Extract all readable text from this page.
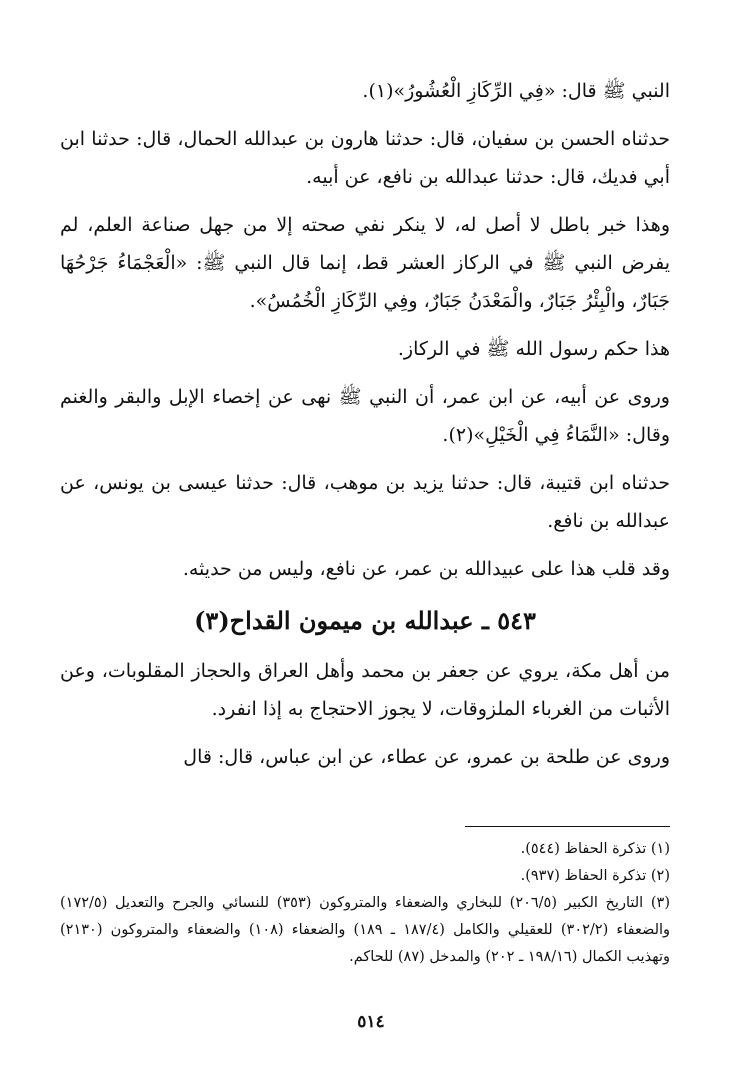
النبي ﷺ قال: «فِي الرِّكَازِ الْعُشُورُ»(١).

حدثناه الحسن بن سفيان، قال: حدثنا هارون بن عبدالله الحمال، قال: حدثنا ابن أبي فديك، قال: حدثنا عبدالله بن نافع، عن أبيه.

وهذا خبر باطل لا أصل له، لا ينكر نفي صحته إلا من جهل صناعة العلم، لم يفرض النبي ﷺ في الركاز العشر قط، إنما قال النبي ﷺ: «الْعَجْمَاءُ جَرْحُهَا جَبَارٌ، والْبِئْرُ جَبَارٌ، والْمَعْدَنُ جَبَارٌ، وفِي الرِّكَازِ الْخُمُسُ».

هذا حكم رسول الله ﷺ في الركاز.

وروى عن أبيه، عن ابن عمر، أن النبي ﷺ نهى عن إخصاء الإبل والبقر والغنم وقال: «النَّمَاءُ فِي الْخَيْلِ»(٢).

حدثناه ابن قتيبة، قال: حدثنا يزيد بن موهب، قال: حدثنا عيسى بن يونس، عن عبدالله بن نافع.

وقد قلب هذا على عبيدالله بن عمر، عن نافع، وليس من حديثه.

٥٤٣ ـ عبدالله بن ميمون القداح(٣)

من أهل مكة، يروي عن جعفر بن محمد وأهل العراق والحجاز المقلوبات، وعن الأثبات من الغرباء الملزوقات، لا يجوز الاحتجاج به إذا انفرد.

وروى عن طلحة بن عمرو، عن عطاء، عن ابن عباس، قال: قال

(١) تذكرة الحفاظ (٥٤٤).

(٢) تذكرة الحفاظ (٩٣٧).

(٣) التاريخ الكبير (٢٠٦/٥) للبخاري والضعفاء والمتروكون (٣٥٣) للنسائي والجرح والتعديل (١٧٢/٥) والضعفاء (٣٠٢/٢) للعقيلي والكامل (١٨٧/٤ ـ ١٨٩) والضعفاء (١٠٨) والضعفاء والمتروكون (٢١٣٠) وتهذيب الكمال (١٩٨/١٦ ـ ٢٠٢) والمدخل (٨٧) للحاكم.

٥١٤
